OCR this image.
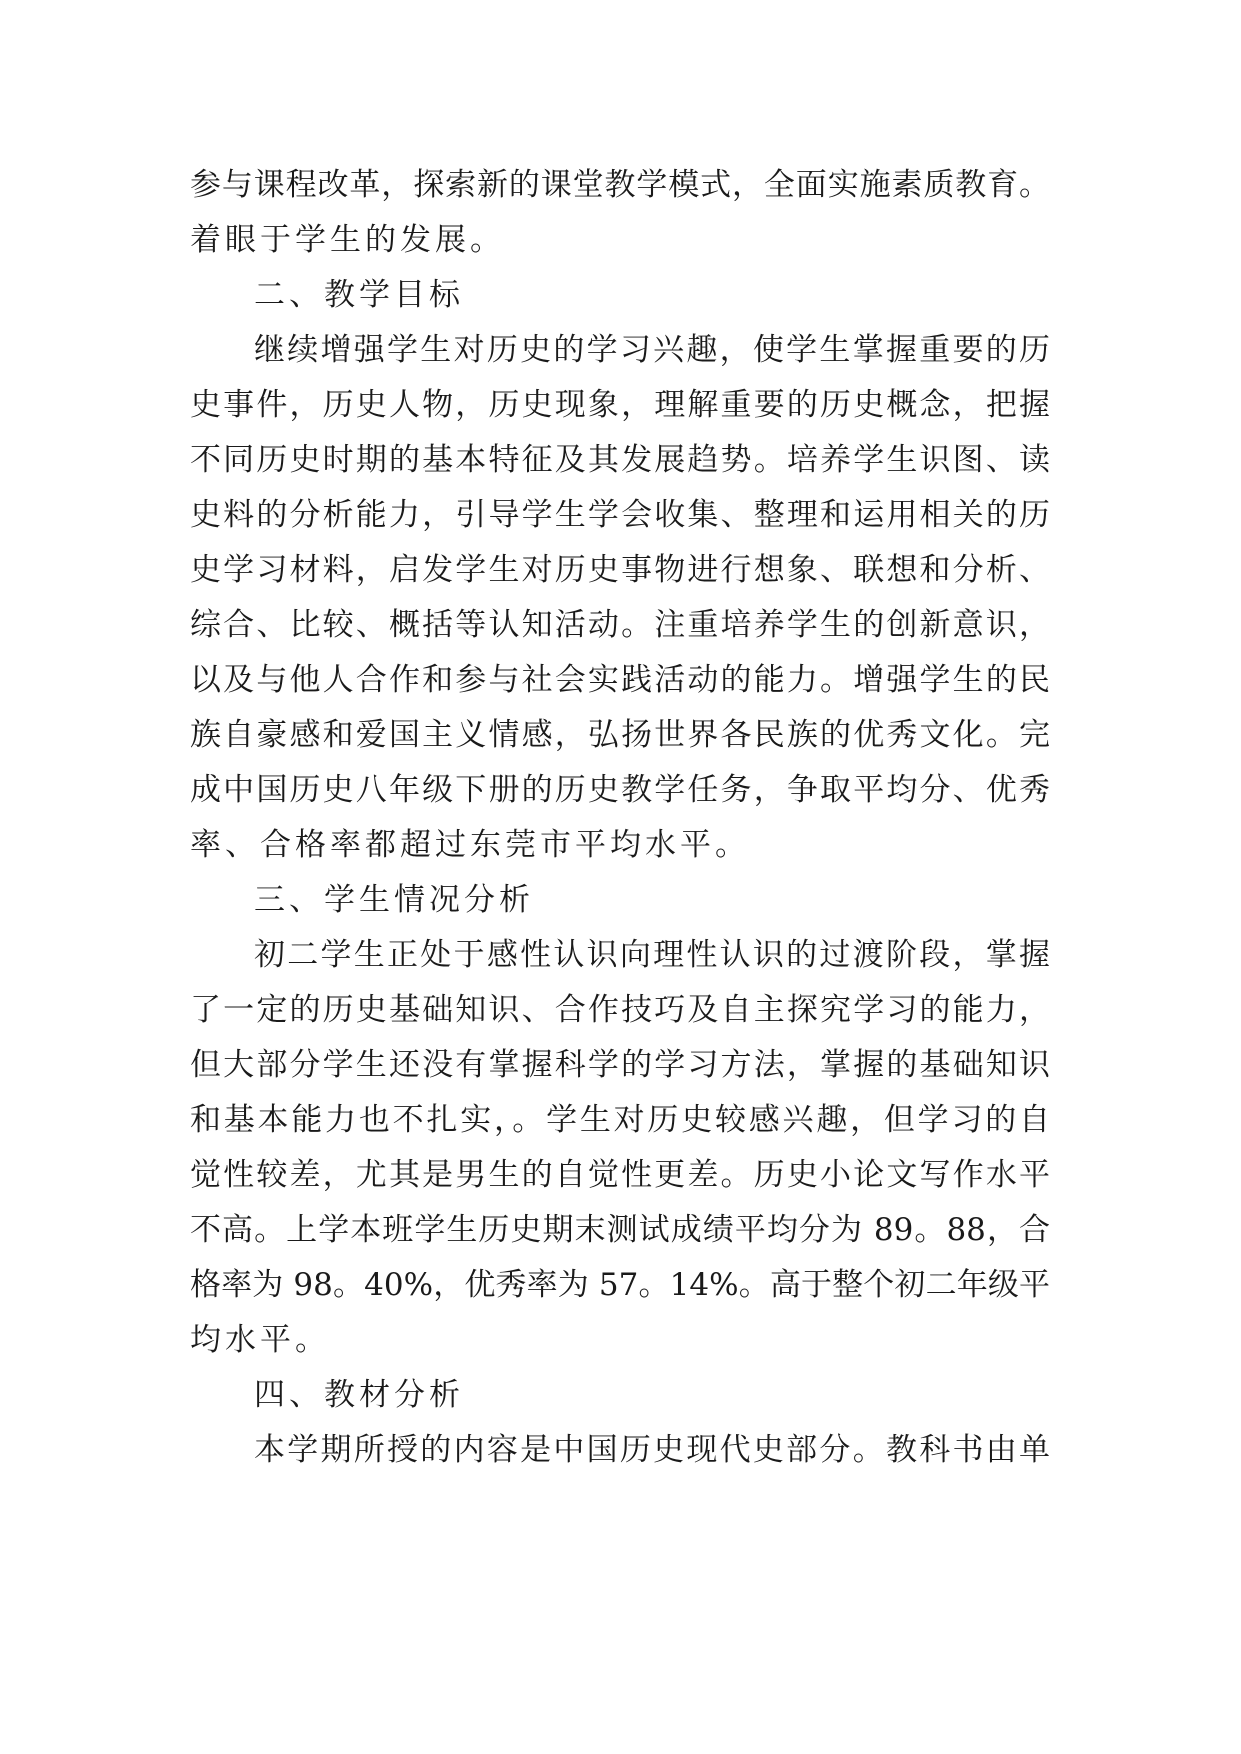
参与课程改革，探索新的课堂教学模式，全面实施素质教育。
着眼于学生的发展。
二、教学目标
继续增强学生对历史的学习兴趣，使学生掌握重要的历
史事件，历史人物，历史现象，理解重要的历史概念，把握
不同历史时期的基本特征及其发展趋势。培养学生识图、读
史料的分析能力，引导学生学会收集、整理和运用相关的历
史学习材料，启发学生对历史事物进行想象、联想和分析、
综合、比较、概括等认知活动。注重培养学生的创新意识，
以及与他人合作和参与社会实践活动的能力。增强学生的民
族自豪感和爱国主义情感，弘扬世界各民族的优秀文化。完
成中国历史八年级下册的历史教学任务，争取平均分、优秀
率、合格率都超过东莞市平均水平。
三、学生情况分析
初二学生正处于感性认识向理性认识的过渡阶段，掌握
了一定的历史基础知识、合作技巧及自主探究学习的能力，
但大部分学生还没有掌握科学的学习方法，掌握的基础知识
和基本能力也不扎实，。学生对历史较感兴趣，但学习的自
觉性较差，尤其是男生的自觉性更差。历史小论文写作水平
不高。上学本班学生历史期末测试成绩平均分为 89。88，合
格率为 98。40%，优秀率为 57。14%。高于整个初二年级平
均水平。
四、教材分析
本学期所授的内容是中国历史现代史部分。教科书由单
